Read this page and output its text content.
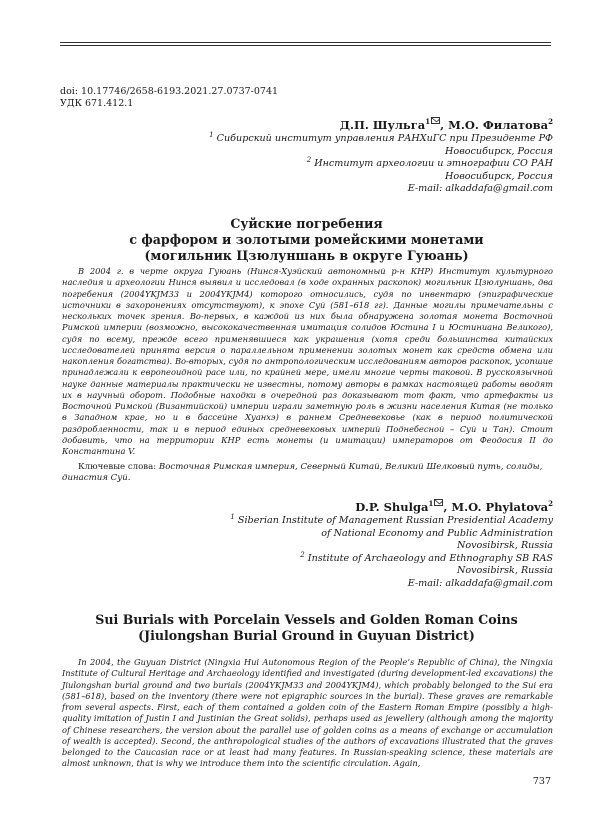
doi: 10.17746/2658-6193.2021.27.0737-0741
УДК 671.412.1
Д.П. Шульга$^1$ , М.О. Филатова$^2$
$^1$ Сибирский институт управления РАНХиГС при Президенте РФ
Новосибирск, Россия
$^2$ Институт археологии и этнографии СО РАН
Новосибирск, Россия
E-mail: alkaddafa@gmail.com
Суйские погребения
с фарфором и золотыми ромейскими монетами
(могильник Цзюлуншань в округе Гуюань)
В 2004 г. в черте округа Гуюань (Нинся-Хуэйский автономный р-н КНР) Институт культурного наследия и археологии Нинся выявил и исследовал (в ходе охранных раскопок) могильник Цзюлуншань, два погребения (2004YKJM33 и 2004YKJM4) которого относились, судя по инвентарю (эпиграфические источники в захоронениях отсутствуют), к эпохе Суй (581–618 гг). Данные могилы примечательны с нескольких точек зрения. Во-первых, в каждой из них была обнаружена золотая монета Восточной Римской империи (возможно, высококачественная имитация солидов Юстина I и Юстиниана Великого), судя по всему, прежде всего применявшиеся как украшения (хотя среди большинства китайских исследователей принята версия о параллельном применении золотых монет как средств обмена или накопления богатства). Во-вторых, судя по антропологическим исследованиям авторов раскопок, усопшие принадлежали к европеоидной расе или, по крайней мере, имели многие черты таковой. В русскоязычной науке данные материалы практически не известны, потому авторы в рамках настоящей работы вводят их в научный оборот. Подобные находки в очередной раз доказывают тот факт, что артефакты из Восточной Римской (Византийской) империи играли заметную роль в жизни населения Китая (не только в Западном крае, но и в бассейне Хуанхэ) в раннем Средневековье (как в период политической раздробленности, так и в период единых средневековых империй Поднебесной – Суй и Тан). Стоит добавить, что на территории КНР есть монеты (и имитации) императоров от Феодосия II до Константина V.
Ключевые слова: Восточная Римская империя, Северный Китай, Великий Шелковый путь, солиды, династия Суй.
D.P. Shulga$^1$ , M.O. Phylatova$^2$
$^1$ Siberian Institute of Management Russian Presidential Academy
of National Economy and Public Administration
Novosibirsk, Russia
$^2$ Institute of Archaeology and Ethnography SB RAS
Novosibirsk, Russia
E-mail: alkaddafa@gmail.com
Sui Burials with Porcelain Vessels and Golden Roman Coins
(Jiulongshan Burial Ground in Guyuan District)
In 2004, the Guyuan District (Ningxia Hui Autonomous Region of the People’s Republic of China), the Ningxia Institute of Cultural Heritage and Archaeology identified and investigated (during development-led excavations) the Jiulongshan burial ground and two burials (2004YKJM33 and 2004YKJM4), which probably belonged to the Sui era (581–618), based on the inventory (there were not epigraphic sources in the burial). These graves are remarkable from several aspects. First, each of them contained a golden coin of the Eastern Roman Empire (possibly a high-quality imitation of Justin I and Justinian the Great solids), perhaps used as jewellery (although among the majority of Chinese researchers, the version about the parallel use of golden coins as a means of exchange or accumulation of wealth is accepted). Second, the anthropological studies of the authors of excavations illustrated that the graves belonged to the Caucasian race or at least had many features. In Russian-speaking science, these materials are almost unknown, that is why we introduce them into the scientific circulation. Again,
737
